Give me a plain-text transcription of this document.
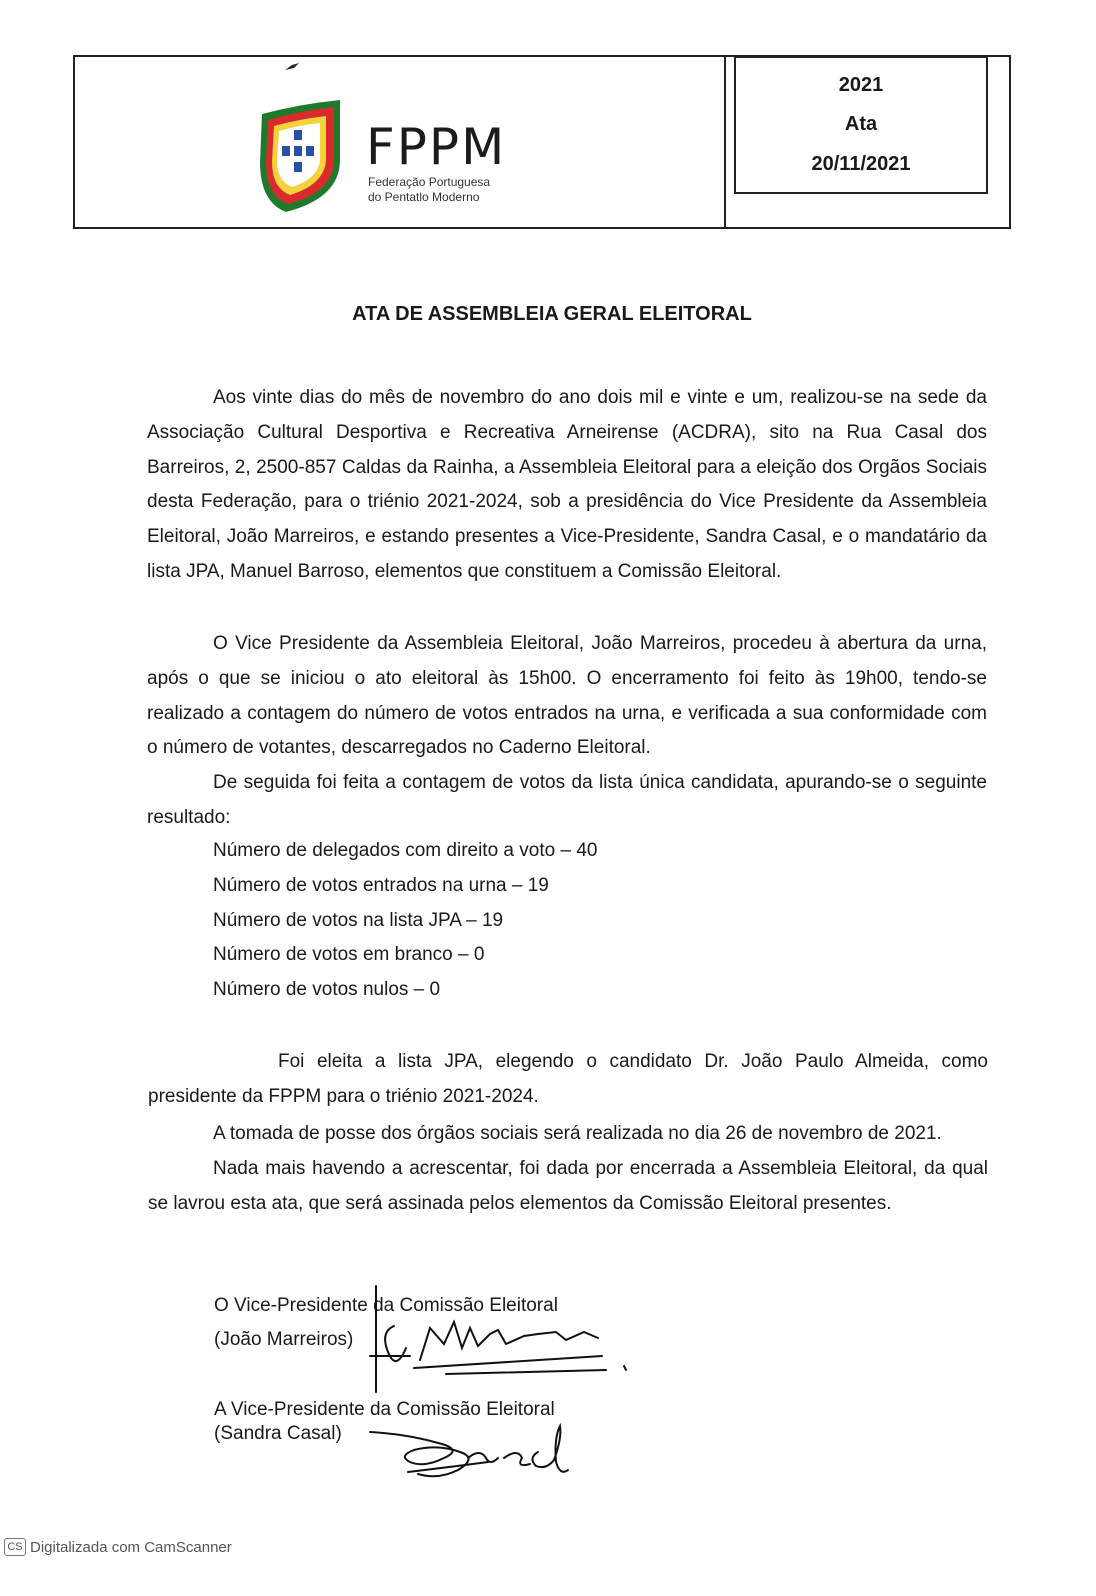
FPPM
Federação Portuguesa
do Pentatlo Moderno
2021
Ata
20/11/2021
ATA DE ASSEMBLEIA GERAL ELEITORAL

Aos vinte dias do mês de novembro do ano dois mil e vinte e um, realizou-se na sede da Associação Cultural Desportiva e Recreativa Arneirense (ACDRA), sito na Rua Casal dos Barreiros, 2, 2500-857 Caldas da Rainha, a Assembleia Eleitoral para a eleição dos Orgãos Sociais desta Federação, para o triénio 2021-2024, sob a presidência do Vice Presidente da Assembleia Eleitoral, João Marreiros, e estando presentes a Vice-Presidente, Sandra Casal, e o mandatário da lista JPA, Manuel Barroso, elementos que constituem a Comissão Eleitoral.

O Vice Presidente da Assembleia Eleitoral, João Marreiros, procedeu à abertura da urna, após o que se iniciou o ato eleitoral às 15h00. O encerramento foi feito às 19h00, tendo-se realizado a contagem do número de votos entrados na urna, e verificada a sua conformidade com o número de votantes, descarregados no Caderno Eleitoral.

De seguida foi feita a contagem de votos da lista única candidata, apurando-se o seguinte resultado:

Número de delegados com direito a voto – 40
Número de votos entrados na urna – 19
Número de votos na lista JPA – 19
Número de votos em branco – 0
Número de votos nulos – 0

Foi eleita a lista JPA, elegendo o candidato Dr. João Paulo Almeida, como presidente da FPPM para o triénio 2021-2024.

A tomada de posse dos órgãos sociais será realizada no dia 26 de novembro de 2021.

Nada mais havendo a acrescentar, foi dada por encerrada a Assembleia Eleitoral, da qual se lavrou esta ata, que será assinada pelos elementos da Comissão Eleitoral presentes.

O Vice-Presidente da Comissão Eleitoral
(João Marreiros)
A Vice-Presidente da Comissão Eleitoral
(Sandra Casal)
CS Digitalizada com CamScanner
